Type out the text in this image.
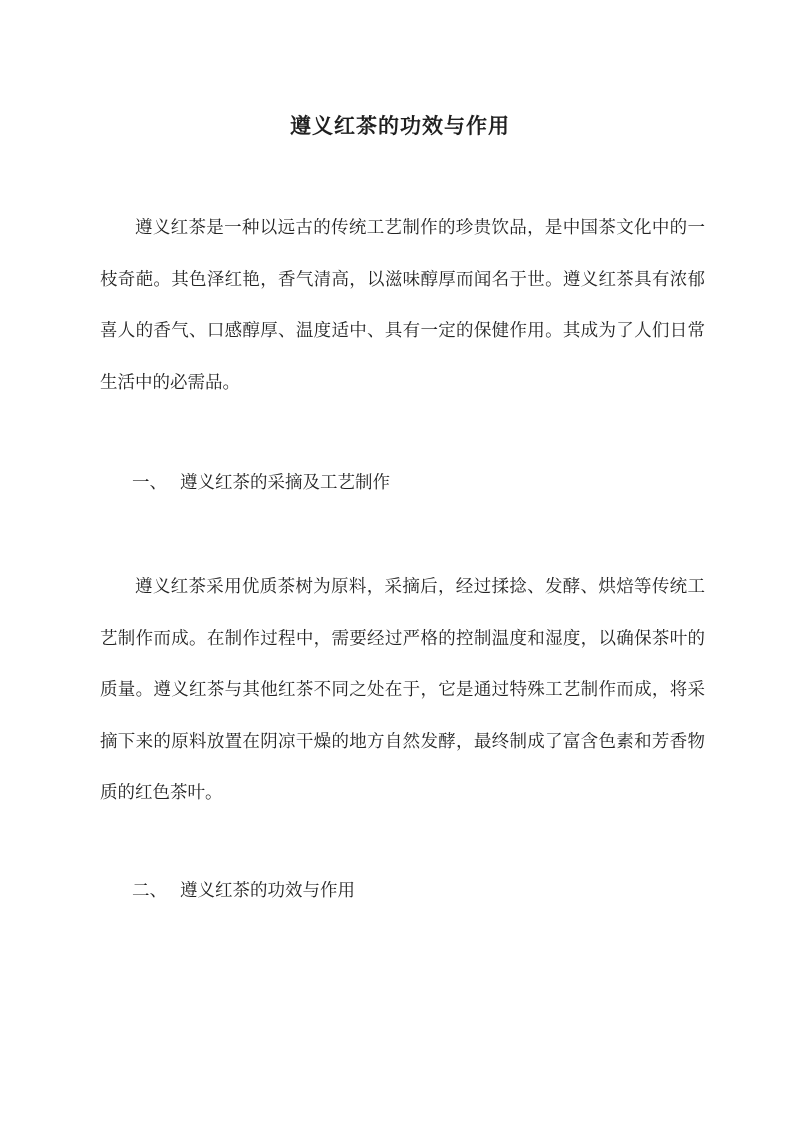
遵义红茶的功效与作用

遵义红茶是一种以远古的传统工艺制作的珍贵饮品，是中国茶文化中的一枝奇葩。其色泽红艳，香气清高，以滋味醇厚而闻名于世。遵义红茶具有浓郁喜人的香气、口感醇厚、温度适中、具有一定的保健作用。其成为了人们日常生活中的必需品。

一、 遵义红茶的采摘及工艺制作

遵义红茶采用优质茶树为原料，采摘后，经过揉捻、发酵、烘焙等传统工艺制作而成。在制作过程中，需要经过严格的控制温度和湿度，以确保茶叶的质量。遵义红茶与其他红茶不同之处在于，它是通过特殊工艺制作而成，将采摘下来的原料放置在阴凉干燥的地方自然发酵，最终制成了富含色素和芳香物质的红色茶叶。

二、 遵义红茶的功效与作用
